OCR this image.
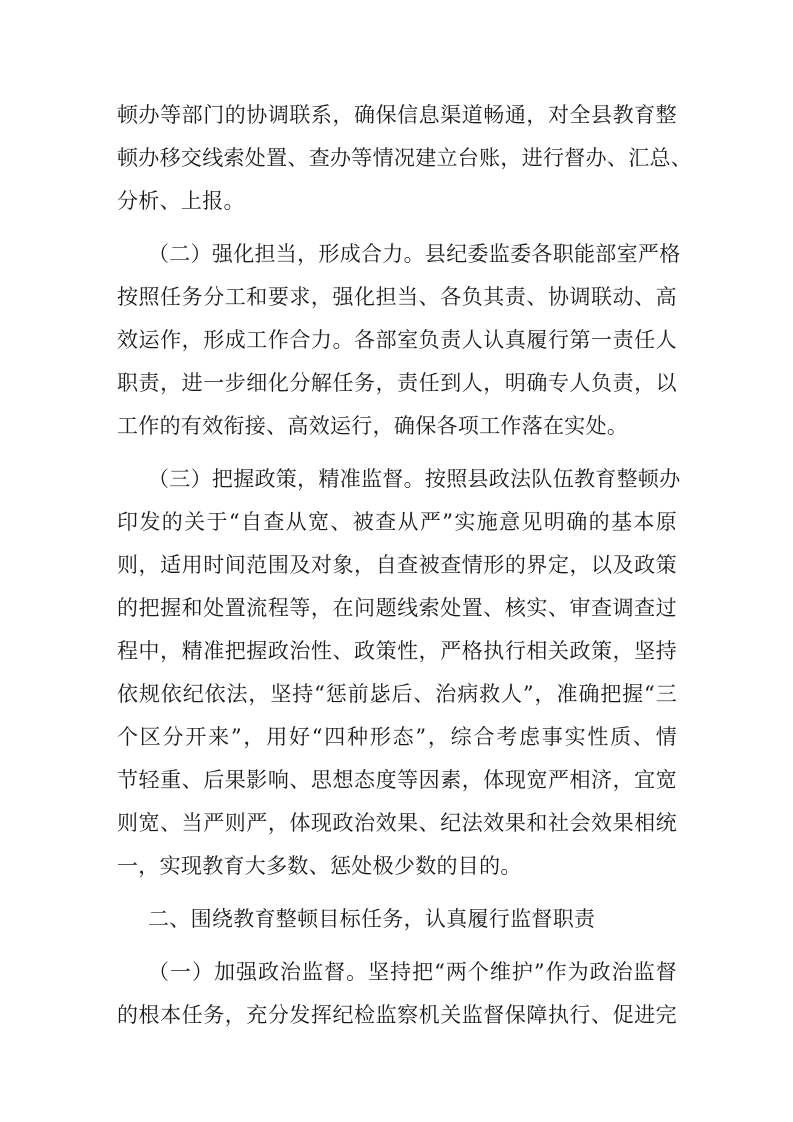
顿办等部门的协调联系，确保信息渠道畅通，对全县教育整
顿办移交线索处置、查办等情况建立台账，进行督办、汇总、
分析、上报。
（二）强化担当，形成合力。县纪委监委各职能部室严格
按照任务分工和要求，强化担当、各负其责、协调联动、高
效运作，形成工作合力。各部室负责人认真履行第一责任人
职责，进一步细化分解任务，责任到人，明确专人负责，以
工作的有效衔接、高效运行，确保各项工作落在实处。
（三）把握政策，精准监督。按照县政法队伍教育整顿办
印发的关于“自查从宽、被查从严”实施意见明确的基本原
则，适用时间范围及对象，自查被查情形的界定，以及政策
的把握和处置流程等，在问题线索处置、核实、审查调查过
程中，精准把握政治性、政策性，严格执行相关政策，坚持
依规依纪依法，坚持“惩前毖后、治病救人”，准确把握“三
个区分开来”，用好“四种形态”，综合考虑事实性质、情
节轻重、后果影响、思想态度等因素，体现宽严相济，宜宽
则宽、当严则严，体现政治效果、纪法效果和社会效果相统
一，实现教育大多数、惩处极少数的目的。
二、围绕教育整顿目标任务，认真履行监督职责
（一）加强政治监督。坚持把“两个维护”作为政治监督
的根本任务，充分发挥纪检监察机关监督保障执行、促进完
